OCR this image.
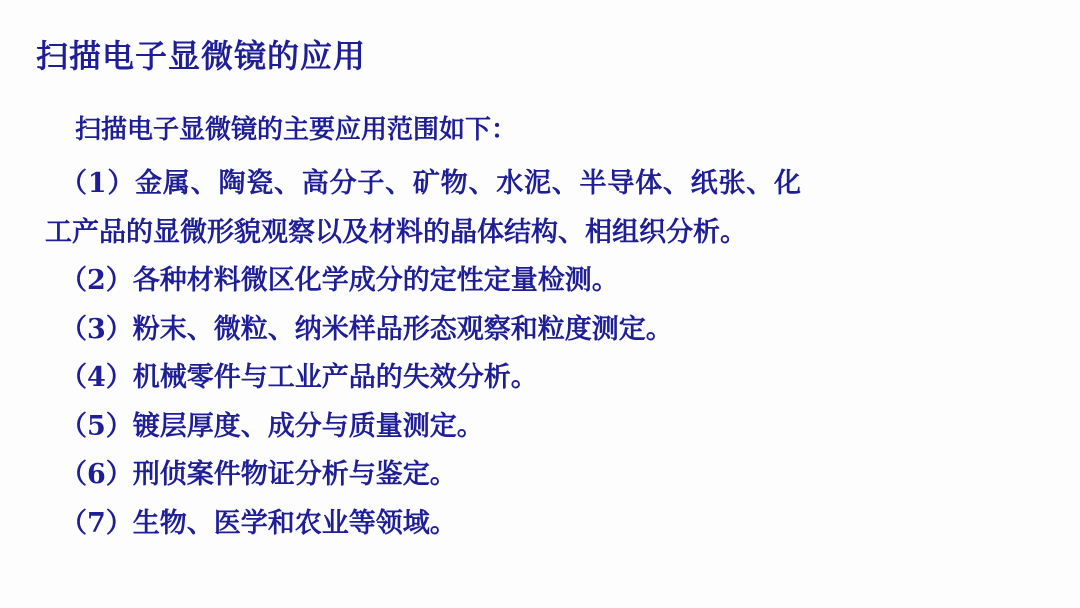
扫描电子显微镜的应用
扫描电子显微镜的主要应用范围如下：

（1）金属、陶瓷、高分子、矿物、水泥、半导体、纸张、化工产品的显微形貌观察以及材料的晶体结构、相组织分析。

（2）各种材料微区化学成分的定性定量检测。

（3）粉末、微粒、纳米样品形态观察和粒度测定。

（4）机械零件与工业产品的失效分析。

（5）镀层厚度、成分与质量测定。

（6）刑侦案件物证分析与鉴定。

（7）生物、医学和农业等领域。
